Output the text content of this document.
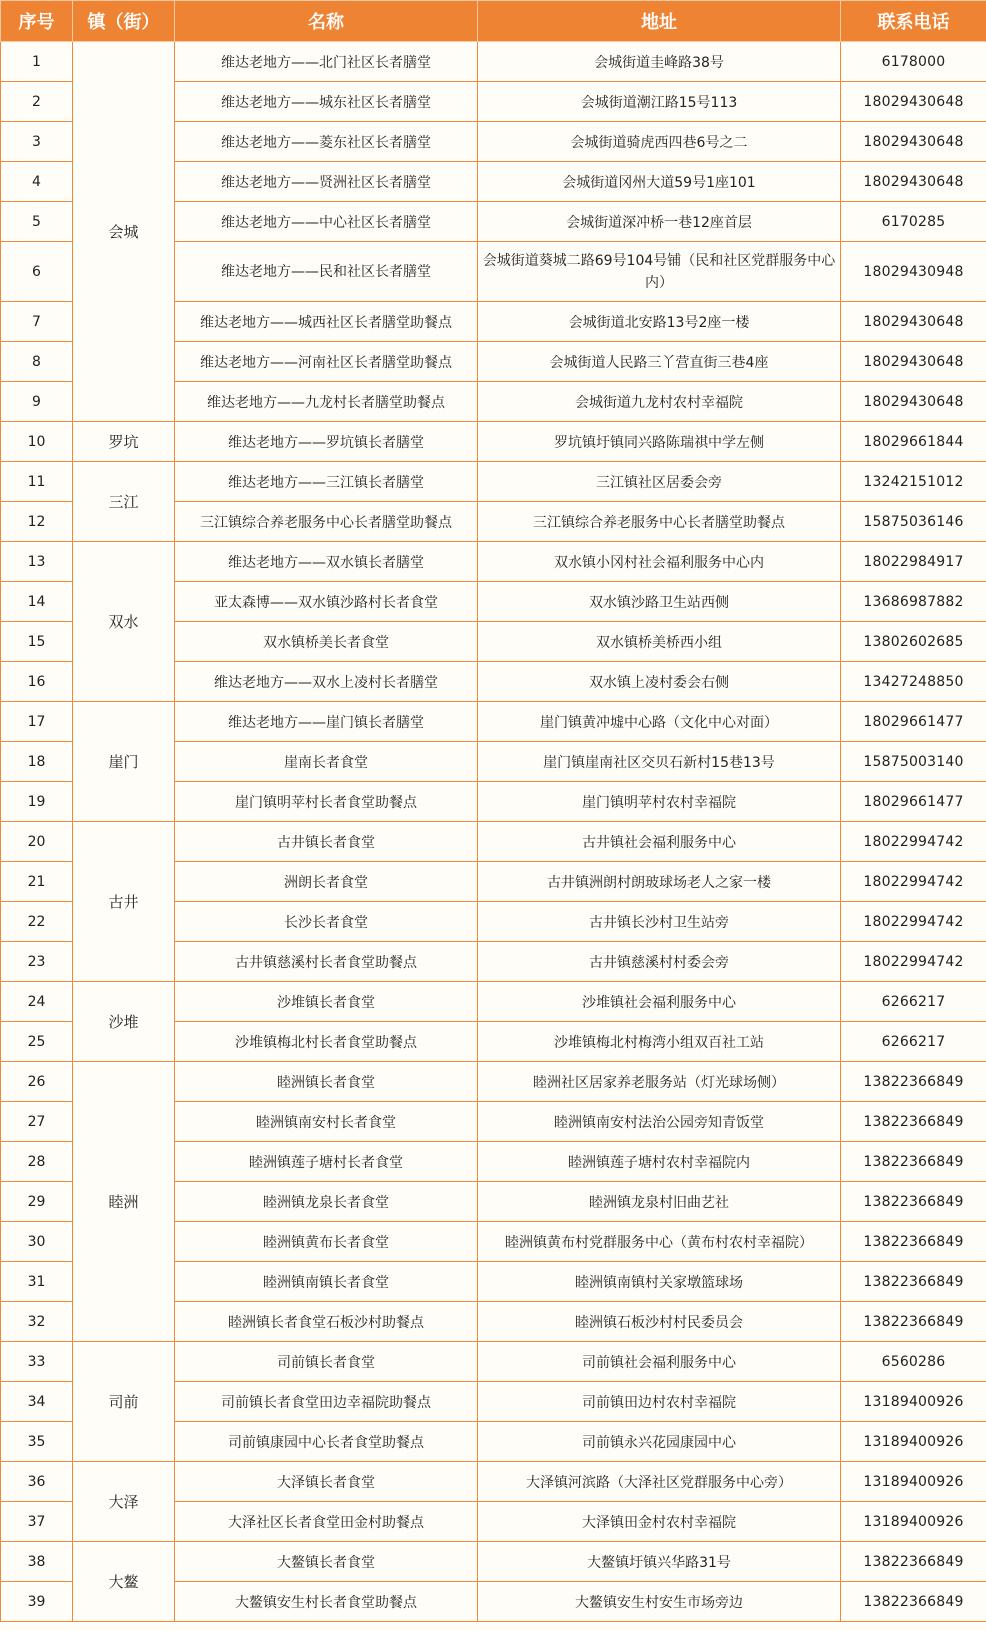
序号	镇（街）	名称	地址	联系电话
1	会城	维达老地方——北门社区长者膳堂	会城街道圭峰路38号	6178000
2		维达老地方——城东社区长者膳堂	会城街道潮江路15号113	18029430648
3		维达老地方——菱东社区长者膳堂	会城街道骑虎西四巷6号之二	18029430648
4		维达老地方——贤洲社区长者膳堂	会城街道冈州大道59号1座101	18029430648
5		维达老地方——中心社区长者膳堂	会城街道深冲桥一巷12座首层	6170285
6		维达老地方——民和社区长者膳堂	会城街道葵城二路69号104号铺（民和社区党群服务中心内）	18029430948
7		维达老地方——城西社区长者膳堂助餐点	会城街道北安路13号2座一楼	18029430648
8		维达老地方——河南社区长者膳堂助餐点	会城街道人民路三丫营直街三巷4座	18029430648
9		维达老地方——九龙村长者膳堂助餐点	会城街道九龙村农村幸福院	18029430648
10	罗坑	维达老地方——罗坑镇长者膳堂	罗坑镇圩镇同兴路陈瑞祺中学左侧	18029661844
11	三江	维达老地方——三江镇长者膳堂	三江镇社区居委会旁	13242151012
12		三江镇综合养老服务中心长者膳堂助餐点	三江镇综合养老服务中心长者膳堂助餐点	15875036146
13	双水	维达老地方——双水镇长者膳堂	双水镇小冈村社会福利服务中心内	18022984917
14		亚太森博——双水镇沙路村长者食堂	双水镇沙路卫生站西侧	13686987882
15		双水镇桥美长者食堂	双水镇桥美桥西小组	13802602685
16		维达老地方——双水上凌村长者膳堂	双水镇上凌村委会右侧	13427248850
17	崖门	维达老地方——崖门镇长者膳堂	崖门镇黄冲墟中心路（文化中心对面）	18029661477
18		崖南长者食堂	崖门镇崖南社区交贝石新村15巷13号	15875003140
19		崖门镇明苹村长者食堂助餐点	崖门镇明苹村农村幸福院	18029661477
20	古井	古井镇长者食堂	古井镇社会福利服务中心	18022994742
21		洲朗长者食堂	古井镇洲朗村朗玻球场老人之家一楼	18022994742
22		长沙长者食堂	古井镇长沙村卫生站旁	18022994742
23		古井镇慈溪村长者食堂助餐点	古井镇慈溪村村委会旁	18022994742
24	沙堆	沙堆镇长者食堂	沙堆镇社会福利服务中心	6266217
25		沙堆镇梅北村长者食堂助餐点	沙堆镇梅北村梅湾小组双百社工站	6266217
26	睦洲	睦洲镇长者食堂	睦洲社区居家养老服务站（灯光球场侧）	13822366849
27		睦洲镇南安村长者食堂	睦洲镇南安村法治公园旁知青饭堂	13822366849
28		睦洲镇莲子塘村长者食堂	睦洲镇莲子塘村农村幸福院内	13822366849
29		睦洲镇龙泉长者食堂	睦洲镇龙泉村旧曲艺社	13822366849
30		睦洲镇黄布长者食堂	睦洲镇黄布村党群服务中心（黄布村农村幸福院）	13822366849
31		睦洲镇南镇长者食堂	睦洲镇南镇村关家墩篮球场	13822366849
32		睦洲镇长者食堂石板沙村助餐点	睦洲镇石板沙村村民委员会	13822366849
33	司前	司前镇长者食堂	司前镇社会福利服务中心	6560286
34		司前镇长者食堂田边幸福院助餐点	司前镇田边村农村幸福院	13189400926
35		司前镇康园中心长者食堂助餐点	司前镇永兴花园康园中心	13189400926
36	大泽	大泽镇长者食堂	大泽镇河滨路（大泽社区党群服务中心旁）	13189400926
37		大泽社区长者食堂田金村助餐点	大泽镇田金村农村幸福院	13189400926
38	大鳌	大鳌镇长者食堂	大鳌镇圩镇兴华路31号	13822366849
39		大鳌镇安生村长者食堂助餐点	大鳌镇安生村安生市场旁边	13822366849
